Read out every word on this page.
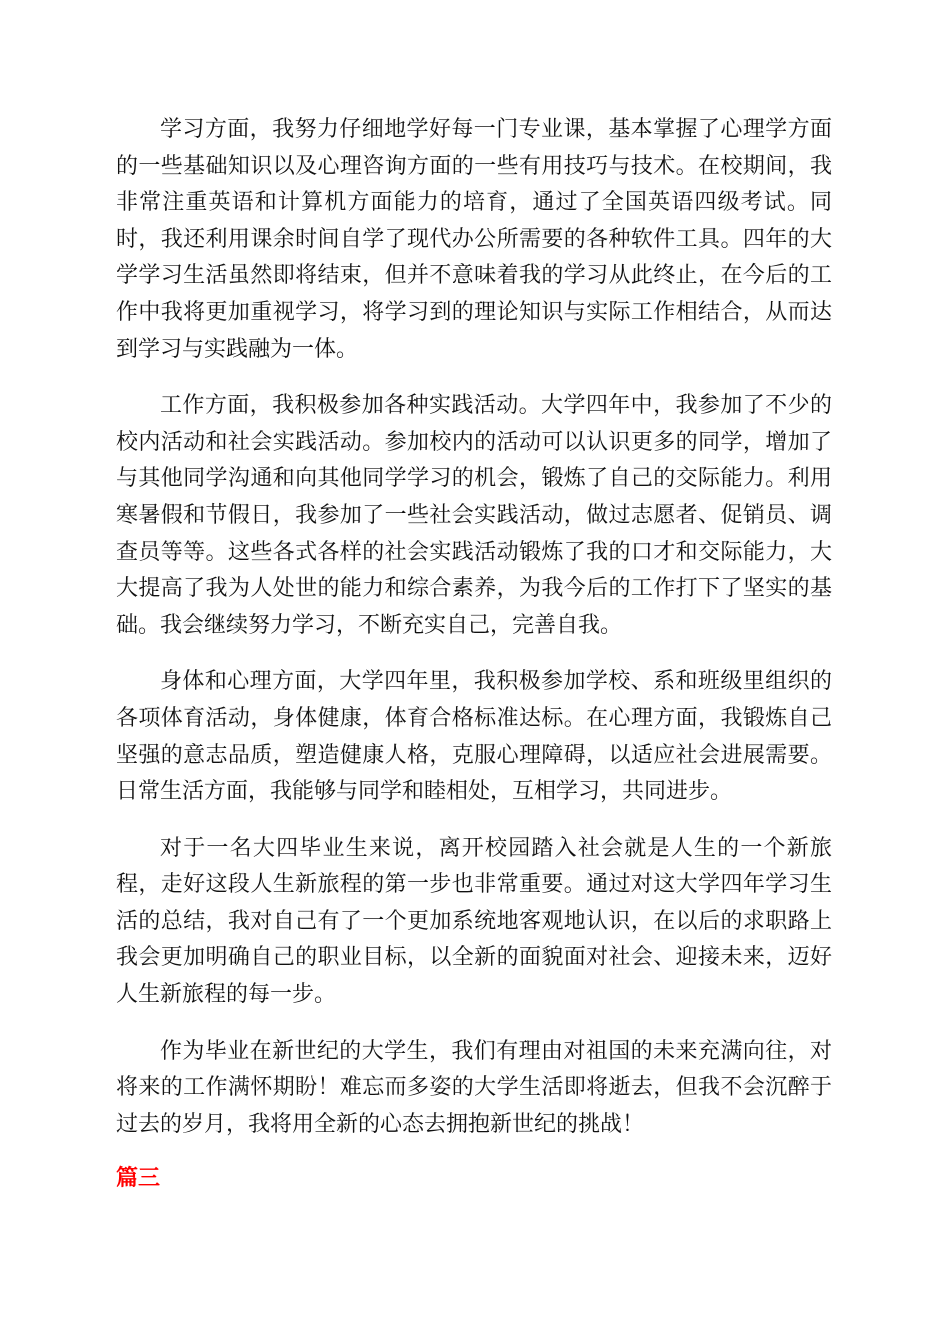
学习方面，我努力仔细地学好每一门专业课，基本掌握了心理学方面的一些基础知识以及心理咨询方面的一些有用技巧与技术。在校期间，我非常注重英语和计算机方面能力的培育，通过了全国英语四级考试。同时，我还利用课余时间自学了现代办公所需要的各种软件工具。四年的大学学习生活虽然即将结束，但并不意味着我的学习从此终止，在今后的工作中我将更加重视学习，将学习到的理论知识与实际工作相结合，从而达到学习与实践融为一体。

工作方面，我积极参加各种实践活动。大学四年中，我参加了不少的校内活动和社会实践活动。参加校内的活动可以认识更多的同学，增加了与其他同学沟通和向其他同学学习的机会，锻炼了自己的交际能力。利用寒暑假和节假日，我参加了一些社会实践活动，做过志愿者、促销员、调查员等等。这些各式各样的社会实践活动锻炼了我的口才和交际能力，大大提高了我为人处世的能力和综合素养，为我今后的工作打下了坚实的基础。我会继续努力学习，不断充实自己，完善自我。

身体和心理方面，大学四年里，我积极参加学校、系和班级里组织的各项体育活动，身体健康，体育合格标准达标。在心理方面，我锻炼自己坚强的意志品质，塑造健康人格，克服心理障碍，以适应社会进展需要。日常生活方面，我能够与同学和睦相处，互相学习，共同进步。

对于一名大四毕业生来说，离开校园踏入社会就是人生的一个新旅程，走好这段人生新旅程的第一步也非常重要。通过对这大学四年学习生活的总结，我对自己有了一个更加系统地客观地认识，在以后的求职路上我会更加明确自己的职业目标，以全新的面貌面对社会、迎接未来，迈好人生新旅程的每一步。

作为毕业在新世纪的大学生，我们有理由对祖国的未来充满向往，对将来的工作满怀期盼！难忘而多姿的大学生活即将逝去，但我不会沉醉于过去的岁月，我将用全新的心态去拥抱新世纪的挑战！

篇三
